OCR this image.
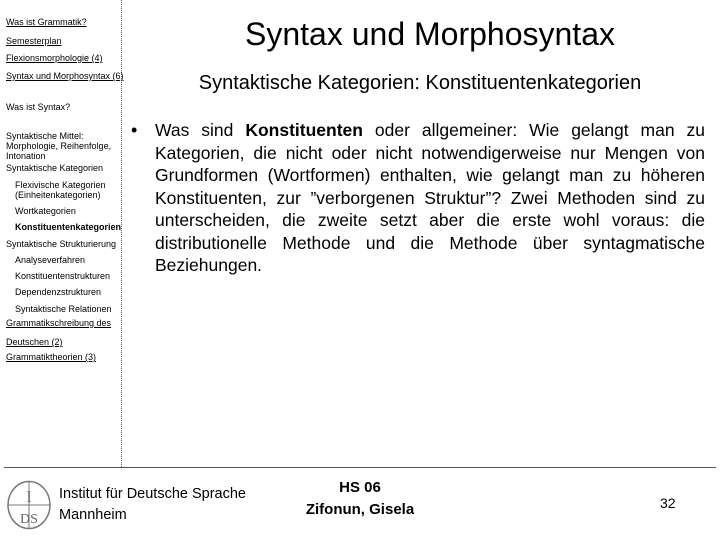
Was ist Grammatik?
Semesterplan
Flexionsmorphologie (4)
Syntax und Morphosyntax (6)
Was ist Syntax?
Syntaktische Mittel: Morphologie, Reihenfolge, Intonation
Syntaktische Kategorien
Flexivische Kategorien (Einheitenkategorien)
Wortkategorien
Konstituentenkategorien
Syntaktische Strukturierung
Analyseverfahren
Konstituentenstrukturen
Dependenzstrukturen
Syntaktische Relationen
Grammatikschreibung des Deutschen (2)
Grammatiktheorien (3)
Syntax und Morphosyntax
Syntaktische Kategorien: Konstituentenkategorien
• Was sind Konstituenten oder allgemeiner: Wie gelangt man zu Kategorien, die nicht oder nicht notwendigerweise nur Mengen von Grundformen (Wortformen) enthalten, wie gelangt man zu höheren Konstituenten, zur ”verborgenen Struktur”? Zwei Methoden sind zu unterscheiden, die zweite setzt aber die erste wohl voraus: die distributionelle Methode und die Methode über syntagmatische Beziehungen.

I
DS
Institut für Deutsche Sprache
Mannheim
HS 06
Zifonun, Gisela	32
